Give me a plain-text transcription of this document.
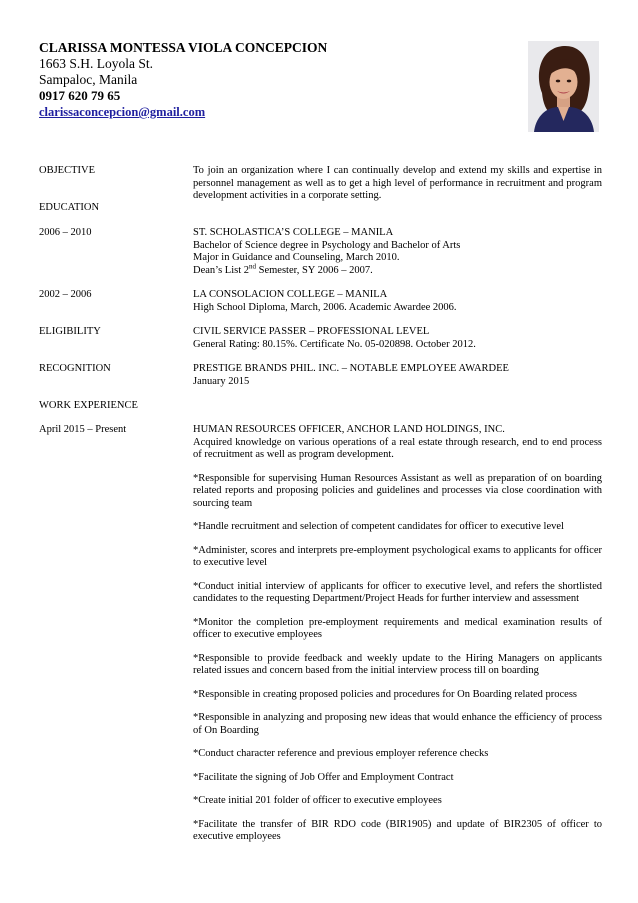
CLARISSA MONTESSA VIOLA CONCEPCION
1663 S.H. Loyola St.
Sampaloc, Manila
0917 620 79 65
clarissaconcepcion@gmail.com
OBJECTIVE	To join an organization where I can continually develop and extend my skills and expertise in personnel management as well as to get a high level of performance in recruitment and program development activities in a corporate setting.
EDUCATION
2006 – 2010	ST. SCHOLASTICA’S COLLEGE – MANILA
Bachelor of Science degree in Psychology and Bachelor of Arts
Major in Guidance and Counseling, March 2010.
Dean’s List 2nd Semester, SY 2006 – 2007.
2002 – 2006	LA CONSOLACION COLLEGE – MANILA
High School Diploma, March, 2006. Academic Awardee 2006.
ELIGIBILITY	CIVIL SERVICE PASSER – PROFESSIONAL LEVEL
General Rating: 80.15%. Certificate No. 05-020898. October 2012.
RECOGNITION	PRESTIGE BRANDS PHIL. INC. – NOTABLE EMPLOYEE AWARDEE
January 2015
WORK EXPERIENCE
April 2015 – Present	HUMAN RESOURCES OFFICER, ANCHOR LAND HOLDINGS, INC.

Acquired knowledge on various operations of a real estate through research, end to end process of recruitment as well as program development.

*Responsible for supervising Human Resources Assistant as well as preparation of on boarding related reports and proposing policies and guidelines and processes via close coordination with sourcing team

*Handle recruitment and selection of competent candidates for officer to executive level

*Administer, scores and interprets pre-employment psychological exams to applicants for officer to executive level

*Conduct initial interview of applicants for officer to executive level, and refers the shortlisted candidates to the requesting Department/Project Heads for further interview and assessment

*Monitor the completion pre-employment requirements and medical examination results of officer to executive employees

*Responsible to provide feedback and weekly update to the Hiring Managers on applicants related issues and concern based from the initial interview process till on boarding

*Responsible in creating proposed policies and procedures for On Boarding related process

*Responsible in analyzing and proposing new ideas that would enhance the efficiency of process of On Boarding

*Conduct character reference and previous employer reference checks

*Facilitate the signing of Job Offer and Employment Contract

*Create initial 201 folder of officer to executive employees

*Facilitate the transfer of BIR RDO code (BIR1905) and update of BIR2305 of officer to executive employees
